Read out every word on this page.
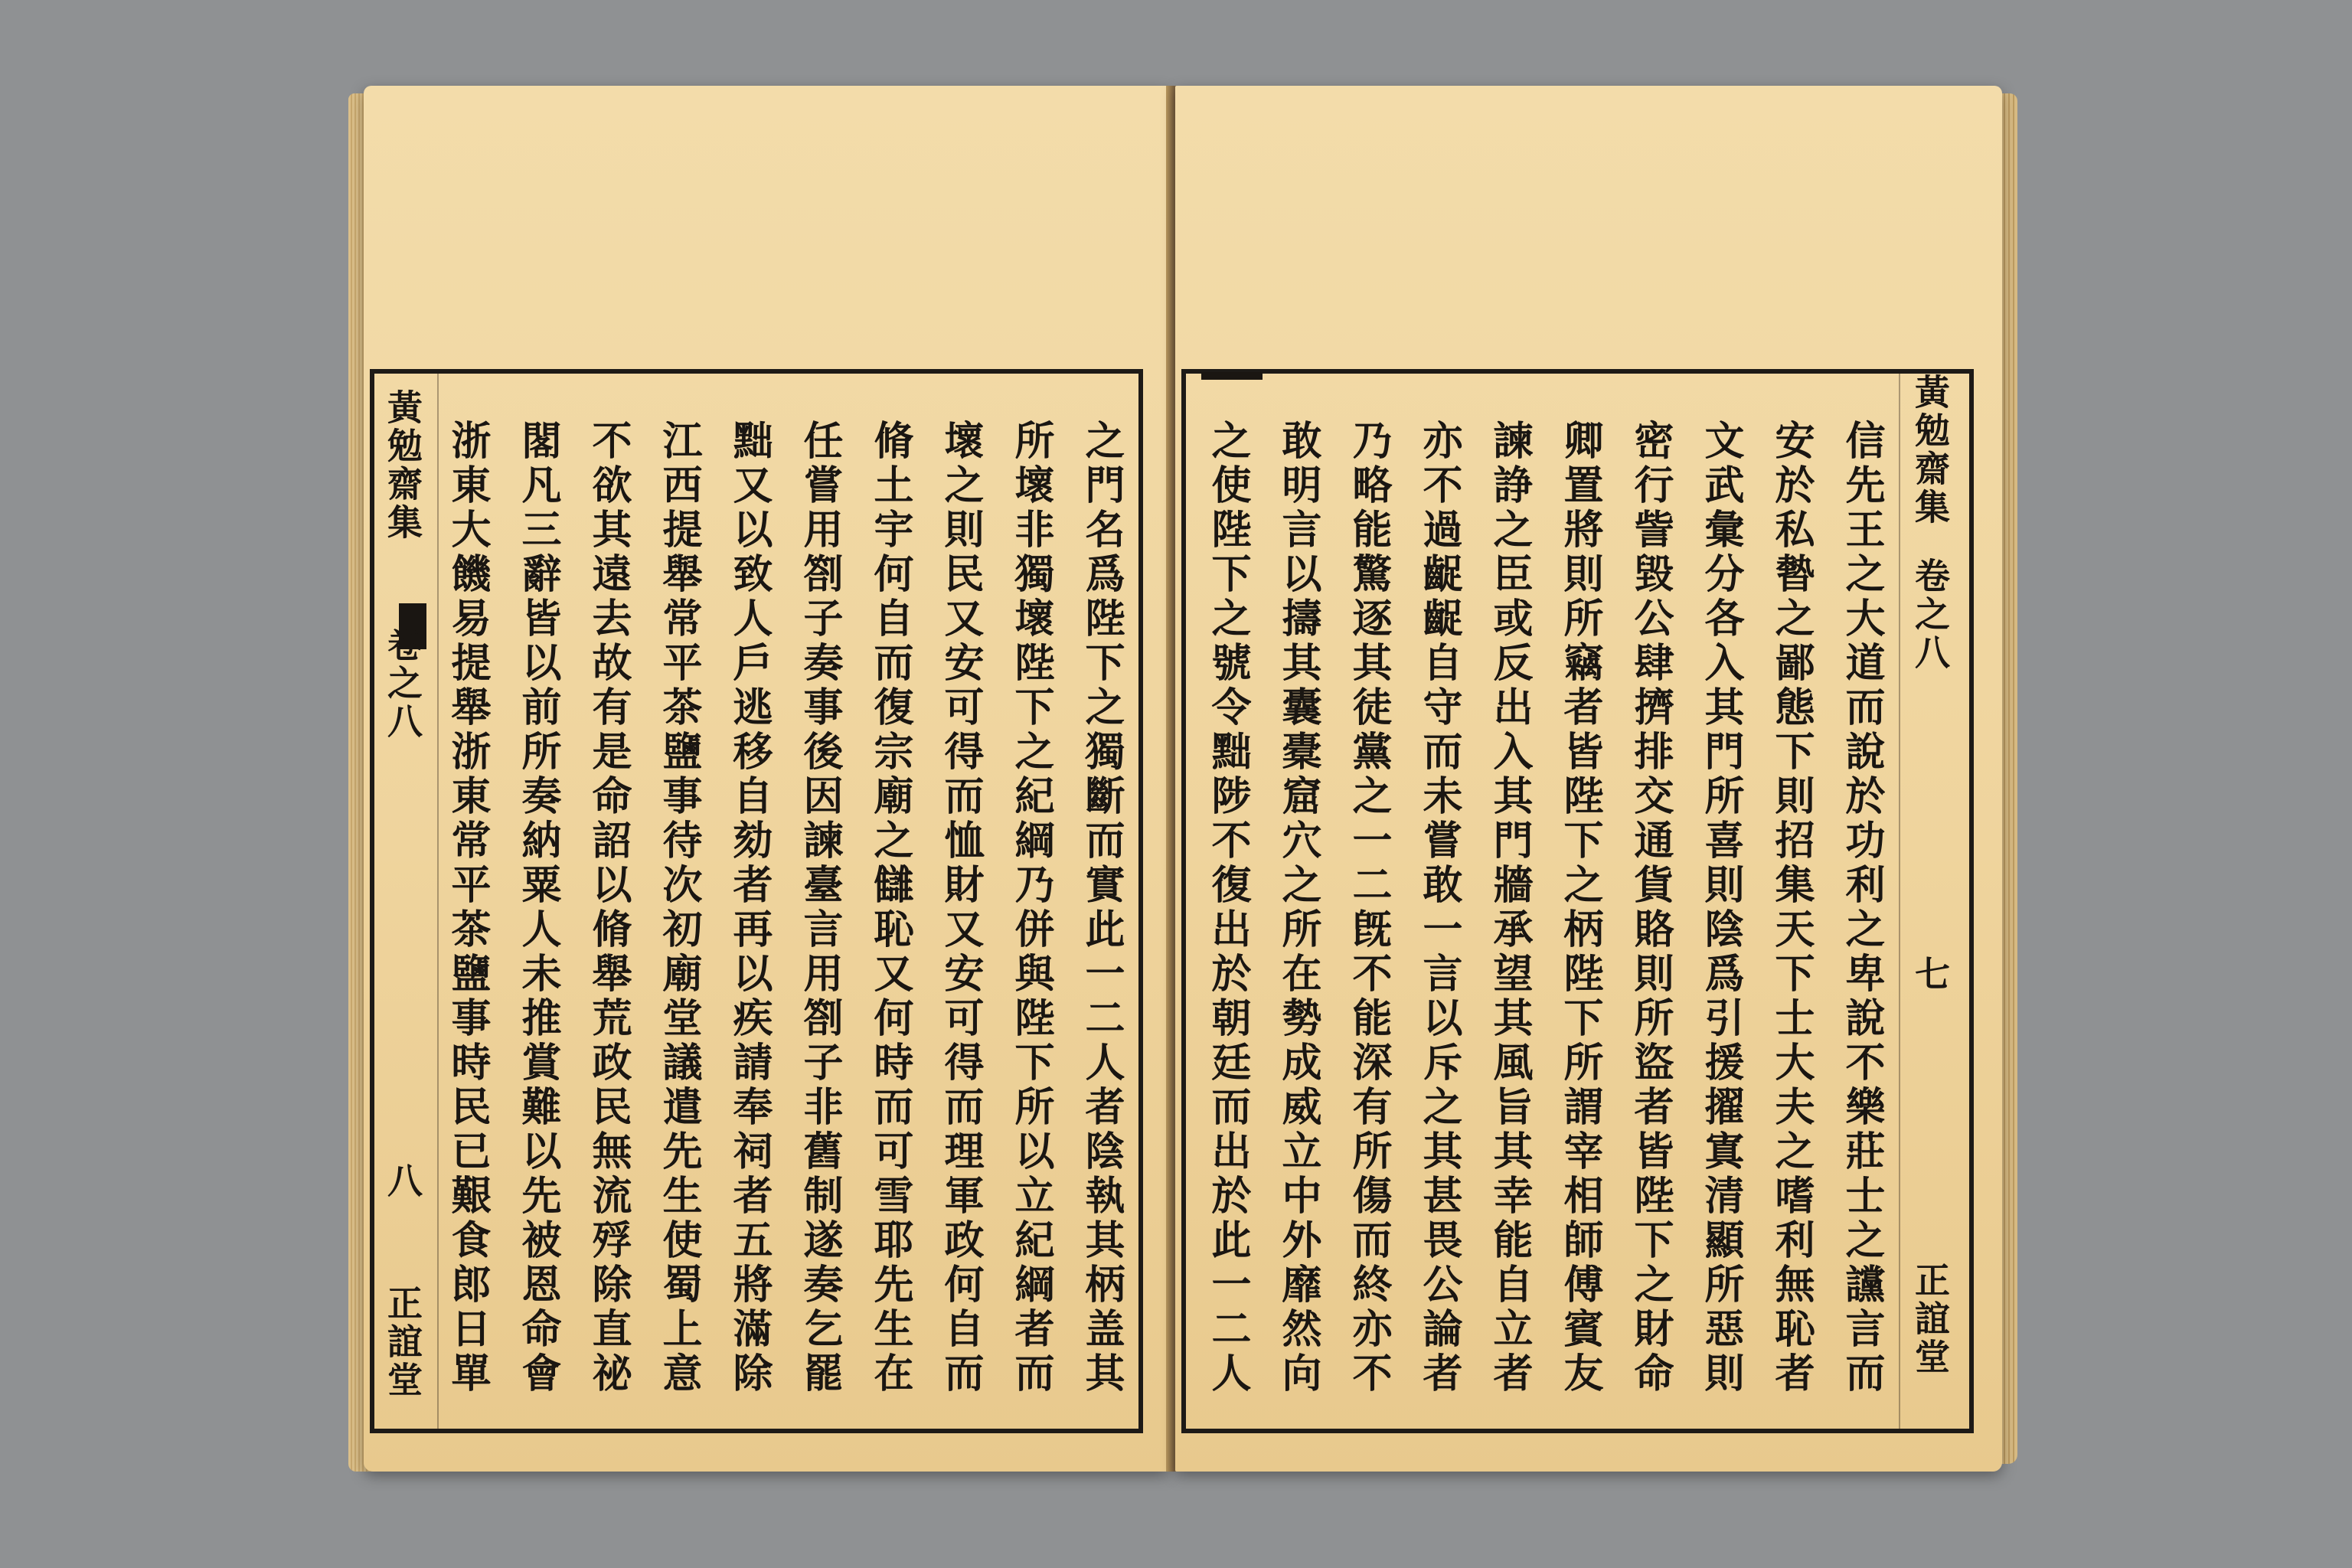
黃勉齋集
卷之八
八
正誼堂	之門名爲陛下之獨斷而實此一二人者陰執其柄盖其
所壞非獨壞陛下之紀綱乃併與陛下所以立紀綱者而
壞之則民又安可得而恤財又安可得而理軍政何自而
脩土宇何自而復宗廟之讎恥又何時而可雪耶先生在
任嘗用劄子奏事後因諫臺言用劄子非舊制遂奏乞罷
黜又以致人戶逃移自劾者再以疾請奉祠者五將滿除
江西提舉常平茶鹽事待次初廟堂議遣先生使蜀上意
不欲其遠去故有是命詔以脩舉荒政民無流殍除直祕
閣凡三辭皆以前所奏納粟人未推賞難以先被恩命會
浙東大饑易提舉浙東常平茶鹽事時民已艱食郎日單	信先王之大道而說於功利之卑說不樂莊士之讜言而
安於私暬之鄙態下則招集天下士大夫之嗜利無恥者
文武彙分各入其門所喜則陰爲引援擢寘清顯所惡則
密行訾毀公肆擠排交通貨賂則所盜者皆陛下之財命
卿置將則所竊者皆陛下之柄陛下所謂宰相師傅賓友
諫諍之臣或反出入其門牆承望其風旨其幸能自立者
亦不過齪齪自守而未嘗敢一言以斥之其甚畏公論者
乃略能驚逐其徒黨之一二旣不能深有所傷而終亦不
敢明言以擣其囊橐窟穴之所在勢成威立中外靡然向
之使陛下之號令黜陟不復出於朝廷而出於此一二人	黃勉齋集
卷之八
七
正誼堂
